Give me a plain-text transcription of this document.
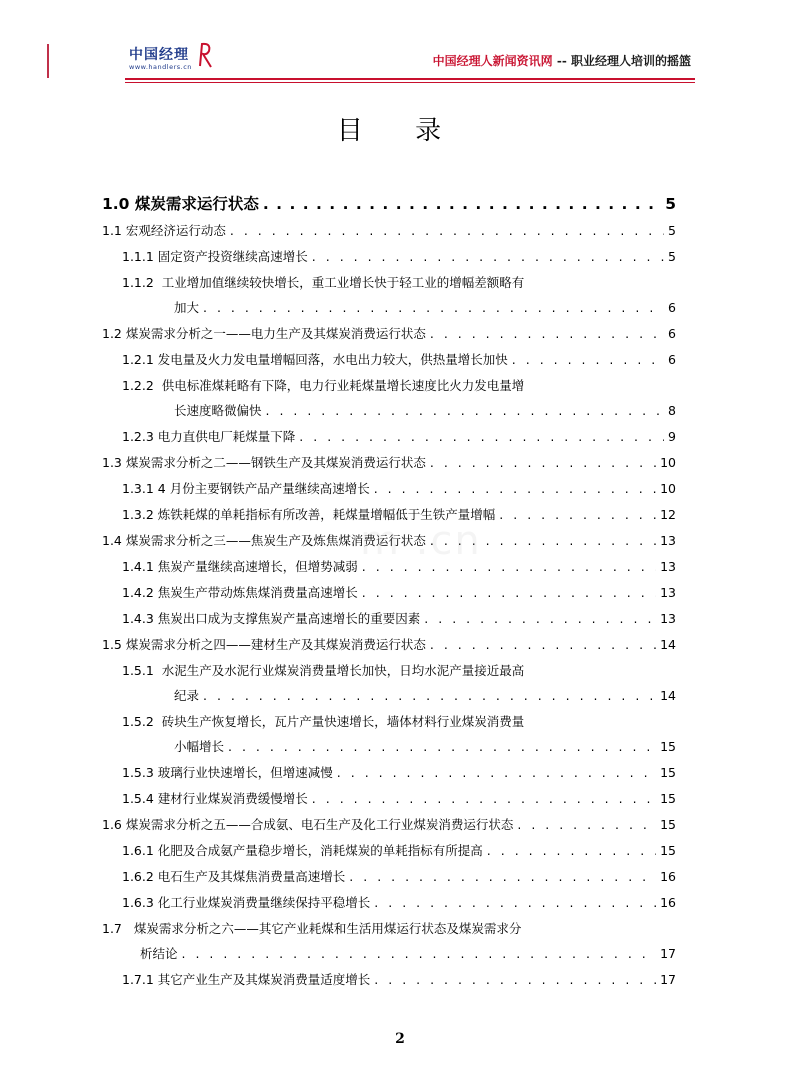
中国经理
www.handlers.cn	中国经理人新闻资讯网 -- 职业经理人培训的摇篮
目 录
1.0 煤炭需求运行状态 . . .	5
1.1 宏观经济运行动态 . . .	5
1.1.1 固定资产投资继续高速增长 . . .	5
1.1.2  工业增加值继续较快增长，重工业增长快于轻工业的增幅差额略有
加大 . . .	6
1.2 煤炭需求分析之一——电力生产及其煤炭消费运行状态 . . .	6
1.2.1 发电量及火力发电量增幅回落，水电出力较大，供热量增长加快 . . .	6
1.2.2  供电标准煤耗略有下降，电力行业耗煤量增长速度比火力发电量增
长速度略微偏快 . . .	8
1.2.3 电力直供电厂耗煤量下降 . . .	9
1.3 煤炭需求分析之二——钢铁生产及其煤炭消费运行状态 . . .	10
1.3.1 4 月份主要钢铁产品产量继续高速增长 . . .	10
1.3.2 炼铁耗煤的单耗指标有所改善，耗煤量增幅低于生铁产量增幅 . . .	12
1.4 煤炭需求分析之三——焦炭生产及炼焦煤消费运行状态 . . .	13
1.4.1 焦炭产量继续高速增长，但增势减弱 . . .	13
1.4.2 焦炭生产带动炼焦煤消费量高速增长 . . .	13
1.4.3 焦炭出口成为支撑焦炭产量高速增长的重要因素 . . .	13
1.5 煤炭需求分析之四——建材生产及其煤炭消费运行状态 . . .	14
1.5.1  水泥生产及水泥行业煤炭消费量增长加快，日均水泥产量接近最高
纪录 . . .	14
1.5.2  砖块生产恢复增长，瓦片产量快速增长，墙体材料行业煤炭消费量
小幅增长 . . .	15
1.5.3 玻璃行业快速增长，但增速减慢 . . .	15
1.5.4 建材行业煤炭消费缓慢增长 . . .	15
1.6 煤炭需求分析之五——合成氨、电石生产及化工行业煤炭消费运行状态 . . .	15
1.6.1 化肥及合成氨产量稳步增长，消耗煤炭的单耗指标有所提高 . . .	15
1.6.2 电石生产及其煤焦消费量高速增长 . . .	16
1.6.3 化工行业煤炭消费量继续保持平稳增长 . . .	16
1.7   煤炭需求分析之六——其它产业耗煤和生活用煤运行状态及煤炭需求分
析结论 . . .	17
1.7.1 其它产业生产及其煤炭消费量适度增长 . . .	17
m .cn
2
